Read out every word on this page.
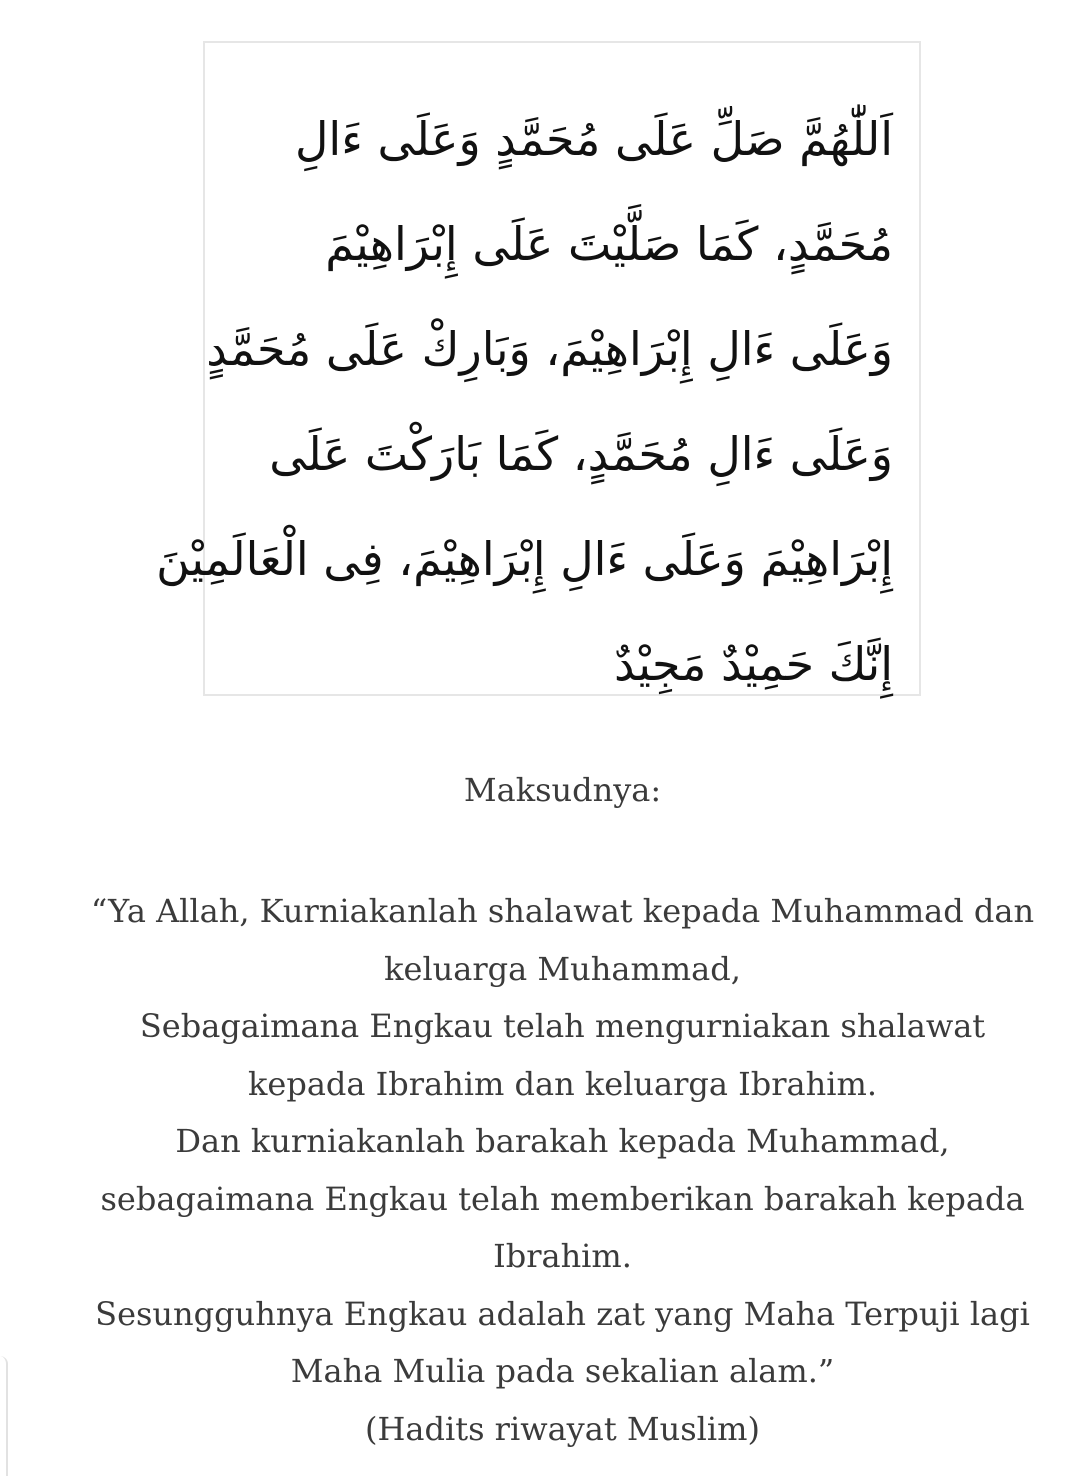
اَللّٰهُمَّ صَلِّ عَلَى مُحَمَّدٍ وَعَلَى ءَالِ
مُحَمَّدٍ، كَمَا صَلَّيْتَ عَلَى إِبْرَاهِيْمَ
وَعَلَى ءَالِ إِبْرَاهِيْمَ، وَبَارِكْ عَلَى مُحَمَّدٍ
وَعَلَى ءَالِ مُحَمَّدٍ، كَمَا بَارَكْتَ عَلَى
إِبْرَاهِيْمَ وَعَلَى ءَالِ إِبْرَاهِيْمَ، فِى الْعَالَمِيْنَ
إِنَّكَ حَمِيْدٌ مَجِيْدٌ
Maksudnya:
“Ya Allah, Kurniakanlah shalawat kepada Muhammad dan
keluarga Muhammad,
Sebagaimana Engkau telah mengurniakan shalawat
kepada Ibrahim dan keluarga Ibrahim.
Dan kurniakanlah barakah kepada Muhammad,
sebagaimana Engkau telah memberikan barakah kepada
Ibrahim.
Sesungguhnya Engkau adalah zat yang Maha Terpuji lagi
Maha Mulia pada sekalian alam.”
(Hadits riwayat Muslim)
